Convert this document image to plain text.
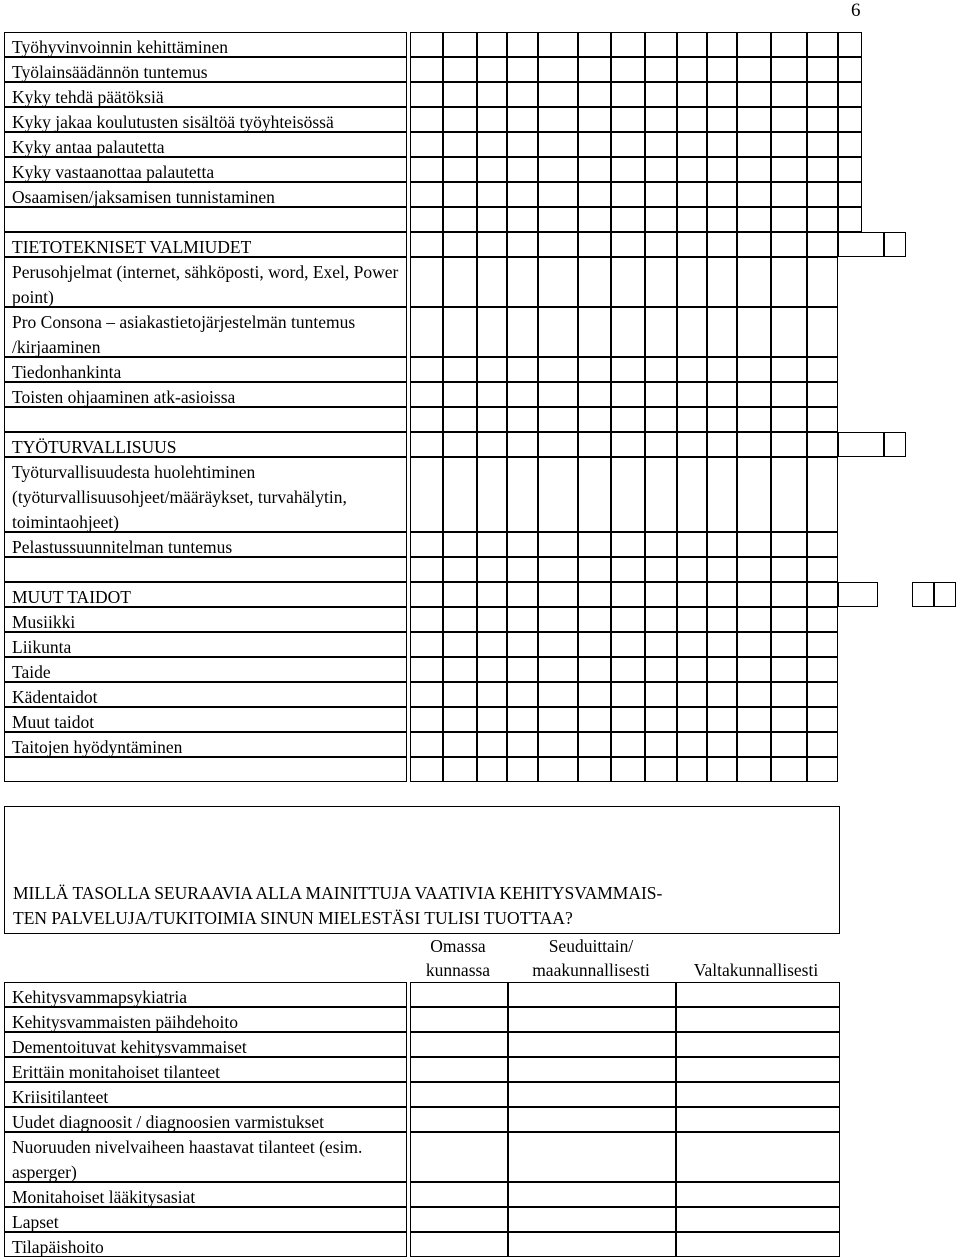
6
Työhyvinvoinnin kehittäminen
Työlainsäädännön tuntemus
Kyky tehdä päätöksiä
Kyky jakaa koulutusten sisältöä työyhteisössä
Kyky antaa palautetta
Kyky vastaanottaa palautetta
Osaamisen/jaksamisen tunnistaminen
TIETOTEKNISET VALMIUDET
Perusohjelmat (internet, sähköposti, word, Exel, Power point)
Pro Consona – asiakastietojärjestelmän tuntemus /kirjaaminen
Tiedonhankinta
Toisten ohjaaminen atk-asioissa
TYÖTURVALLISUUS
Työturvallisuudesta huolehtiminen (työturvallisuusohjeet/määräykset, turvahälytin, toimintaohjeet)
Pelastussuunnitelman tuntemus
MUUT TAIDOT
Musiikki
Liikunta
Taide
Kädentaidot
Muut taidot
Taitojen hyödyntäminen
MILLÄ TASOLLA SEURAAVIA ALLA MAINITTUJA VAATIVIA KEHITYSVAMMAIS-
TEN PALVELUJA/TUKITOIMIA SINUN MIELESTÄSI TULISI TUOTTAA?
Omassa
kunnassa
Seuduittain/
maakunnallisesti	Valtakunnallisesti
Kehitysvammapsykiatria
Kehitysvammaisten päihdehoito
Dementoituvat kehitysvammaiset
Erittäin monitahoiset tilanteet
Kriisitilanteet
Uudet diagnoosit / diagnoosien varmistukset
Nuoruuden nivelvaiheen haastavat tilanteet (esim. asperger)
Monitahoiset lääkitysasiat
Lapset
Tilapäishoito
